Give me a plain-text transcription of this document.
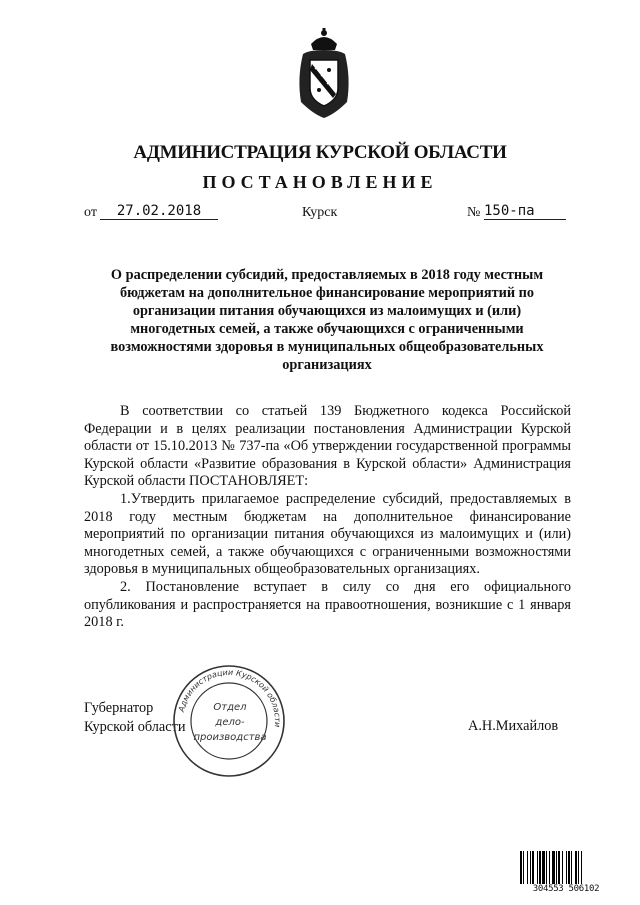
АДМИНИСТРАЦИЯ КУРСКОЙ ОБЛАСТИ
ПОСТАНОВЛЕНИЕ
от	27.02.2018	Курск	№ 150-па
О распределении субсидий, предоставляемых в 2018 году местным бюджетам на дополнительное финансирование мероприятий по организации питания обучающихся из малоимущих и (или) многодетных семей, а также обучающихся с ограниченными возможностями здоровья в муниципальных общеобразовательных организациях

В соответствии со статьей 139 Бюджетного кодекса Российской Федерации и в целях реализации постановления Администрации Курской области от 15.10.2013 № 737-па «Об утверждении государственной программы Курской области «Развитие образования в Курской области» Администрация Курской области ПОСТАНОВЛЯЕТ:

1.Утвердить прилагаемое распределение субсидий, предоставляемых в 2018 году местным бюджетам на дополнительное финансирование мероприятий по организации питания обучающихся из малоимущих и (или) многодетных семей, а также обучающихся с ограниченными возможностями здоровья в муниципальных общеобразовательных организациях.

2. Постановление вступает в силу со дня его официального опубликования и распространяется на правоотношения, возникшие с 1 января 2018 г.

Губернатор
Курской области	А.Н.Михайлов
Администрации Курской области
Отдел
дело-
производства
304553 506102
